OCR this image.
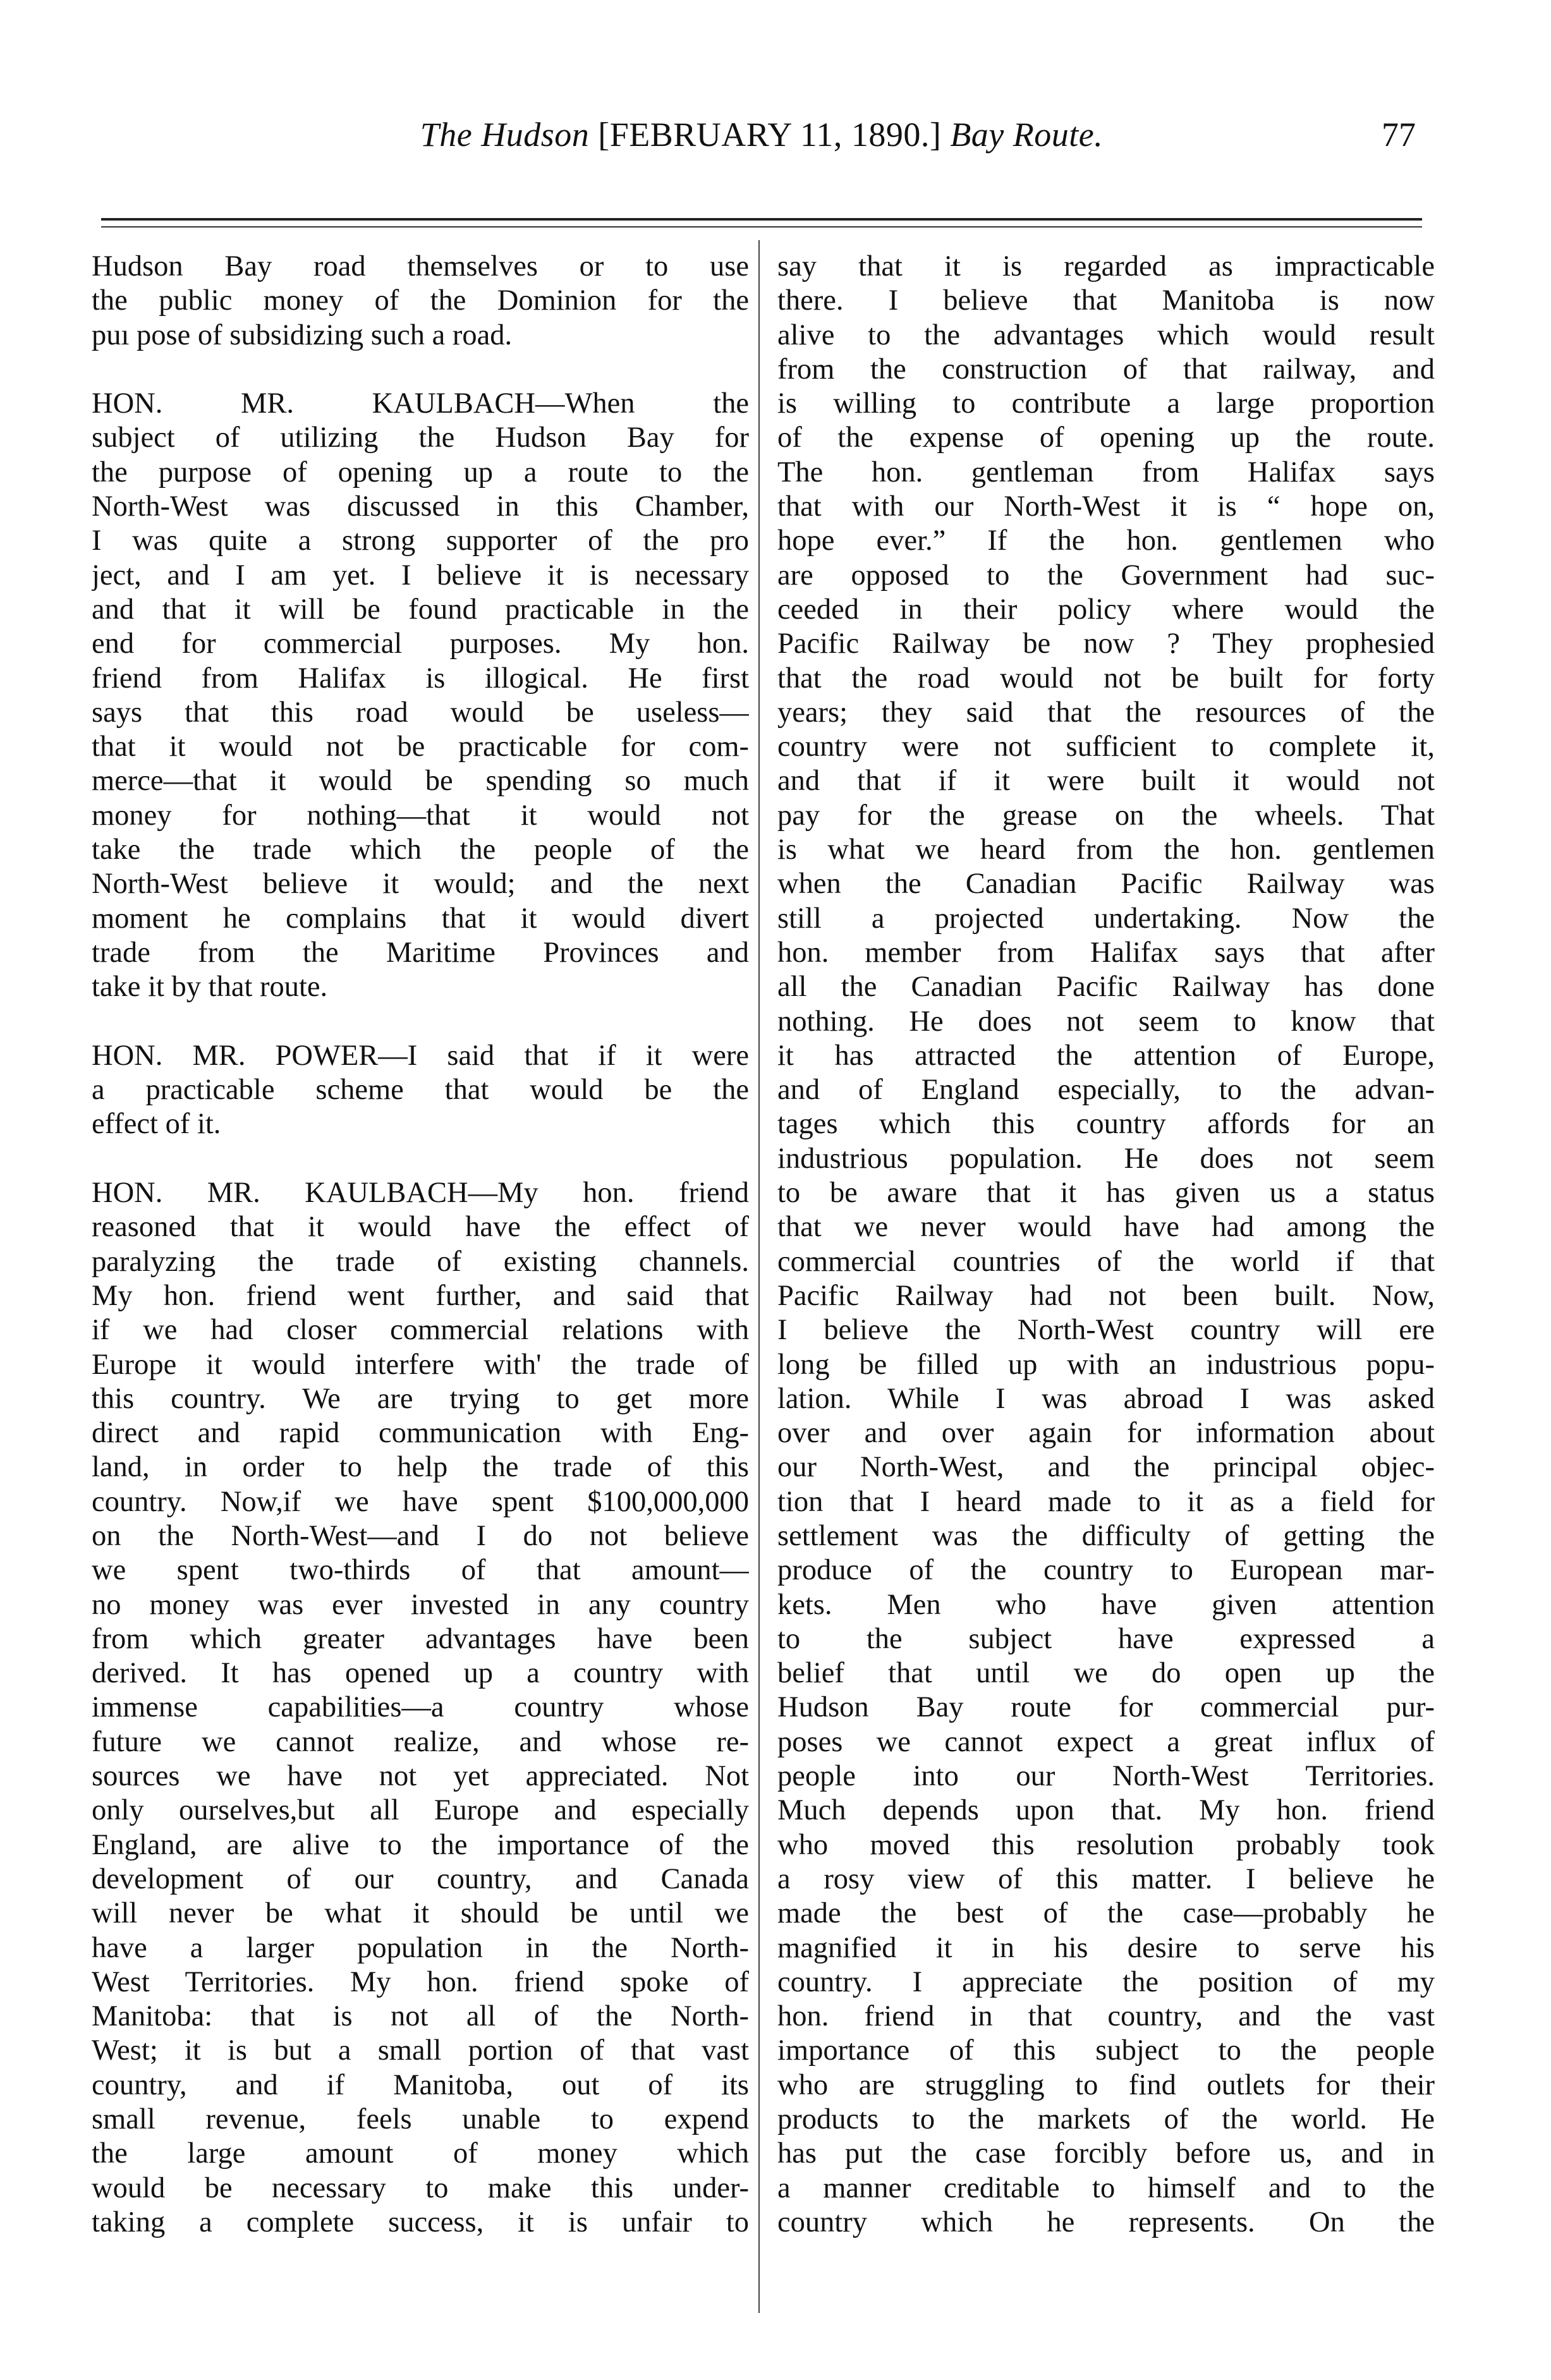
The Hudson [FEBRUARY 11, 1890.] Bay Route.	77
Hudson Bay road themselves or to use
the public money of the Dominion for the
puı pose of subsidizing such a road.
HON. MR. KAULBACH—When the
subject of utilizing the Hudson Bay for
the purpose of opening up a route to the
North-West was discussed in this Chamber,
I was quite a strong supporter of the pro
ject, and I am yet. I believe it is necessary
and that it will be found practicable in the
end for commercial purposes. My hon.
friend from Halifax is illogical. He first
says that this road would be useless—
that it would not be practicable for com-
merce—that it would be spending so much
money for nothing—that it would not
take the trade which the people of the
North-West believe it would; and the next
moment he complains that it would divert
trade from the Maritime Provinces and
take it by that route.
HON. MR. POWER—I said that if it were
a practicable scheme that would be the
effect of it.
HON. MR. KAULBACH—My hon. friend
reasoned that it would have the effect of
paralyzing the trade of existing channels.
My hon. friend went further, and said that
if we had closer commercial relations with
Europe it would interfere with' the trade of
this country. We are trying to get more
direct and rapid communication with Eng-
land, in order to help the trade of this
country. Now,if we have spent $100,000,000
on the North-West—and I do not believe
we spent two-thirds of that amount—
no money was ever invested in any country
from which greater advantages have been
derived. It has opened up a country with
immense capabilities—a country whose
future we cannot realize, and whose re-
sources we have not yet appreciated. Not
only ourselves,but all Europe and especially
England, are alive to the importance of the
development of our country, and Canada
will never be what it should be until we
have a larger population in the North-
West Territories. My hon. friend spoke of
Manitoba: that is not all of the North-
West; it is but a small portion of that vast
country, and if Manitoba, out of its
small revenue, feels unable to expend
the large amount of money which
would be necessary to make this under-
taking a complete success, it is unfair to
say that it is regarded as impracticable
there. I believe that Manitoba is now
alive to the advantages which would result
from the construction of that railway, and
is willing to contribute a large proportion
of the expense of opening up the route.
The hon. gentleman from Halifax says
that with our North-West it is “ hope on,
hope ever.” If the hon. gentlemen who
are opposed to the Government had suc-
ceeded in their policy where would the
Pacific Railway be now ? They prophesied
that the road would not be built for forty
years; they said that the resources of the
country were not sufficient to complete it,
and that if it were built it would not
pay for the grease on the wheels. That
is what we heard from the hon. gentlemen
when the Canadian Pacific Railway was
still a projected undertaking. Now the
hon. member from Halifax says that after
all the Canadian Pacific Railway has done
nothing. He does not seem to know that
it has attracted the attention of Europe,
and of England especially, to the advan-
tages which this country affords for an
industrious population. He does not seem
to be aware that it has given us a status
that we never would have had among the
commercial countries of the world if that
Pacific Railway had not been built. Now,
I believe the North-West country will ere
long be filled up with an industrious popu-
lation. While I was abroad I was asked
over and over again for information about
our North-West, and the principal objec-
tion that I heard made to it as a field for
settlement was the difficulty of getting the
produce of the country to European mar-
kets. Men who have given attention
to the subject have expressed a
belief that until we do open up the
Hudson Bay route for commercial pur-
poses we cannot expect a great influx of
people into our North-West Territories.
Much depends upon that. My hon. friend
who moved this resolution probably took
a rosy view of this matter. I believe he
made the best of the case—probably he
magnified it in his desire to serve his
country. I appreciate the position of my
hon. friend in that country, and the vast
importance of this subject to the people
who are struggling to find outlets for their
products to the markets of the world. He
has put the case forcibly before us, and in
a manner creditable to himself and to the
country which he represents. On the
